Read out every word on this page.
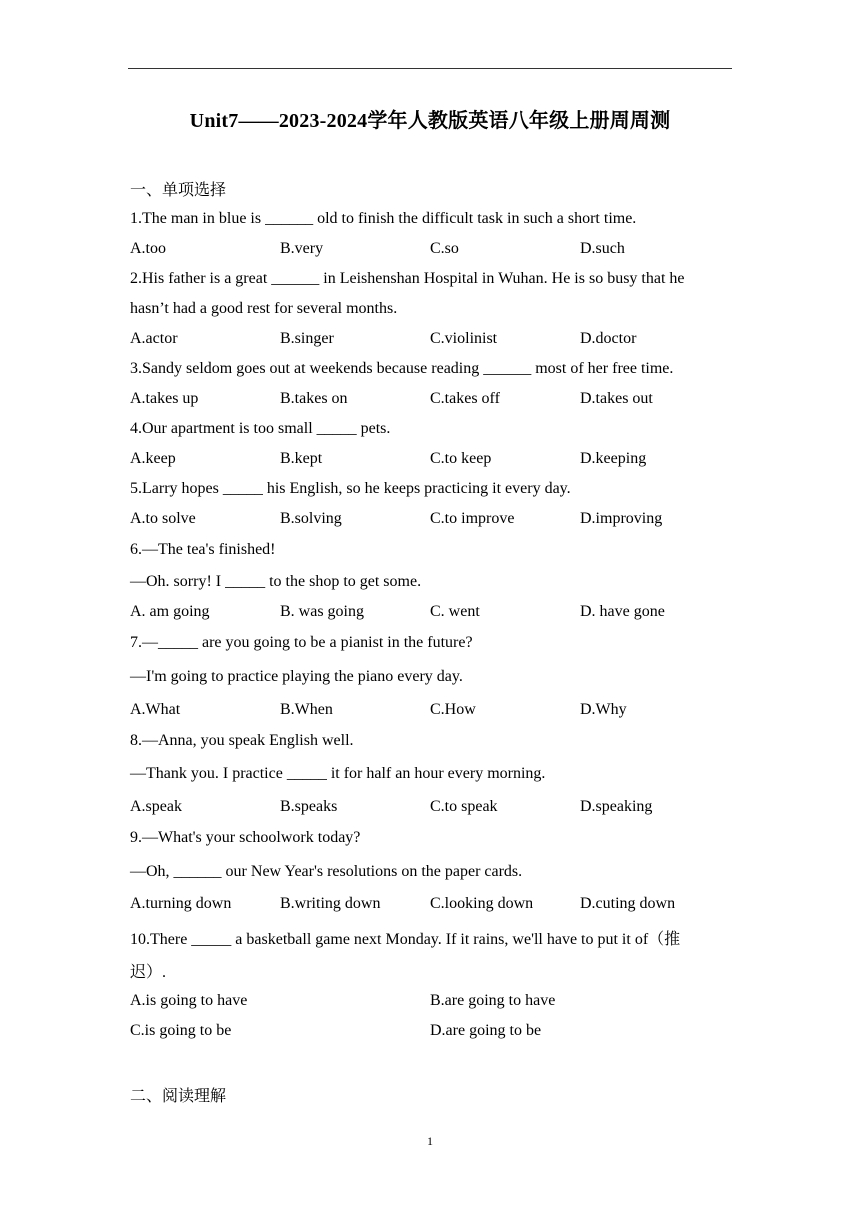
Unit7——2023-2024学年人教版英语八年级上册周周测
一、单项选择
1.The man in blue is ______ old to finish the difficult task in such a short time.
A.too	B.very	C.so	D.such
2.His father is a great ______ in Leishenshan Hospital in Wuhan. He is so busy that he
hasn’t had a good rest for several months.
A.actor	B.singer	C.violinist	D.doctor
3.Sandy seldom goes out at weekends because reading ______ most of her free time.
A.takes up	B.takes on	C.takes off	D.takes out
4.Our apartment is too small _____ pets.
A.keep	B.kept	C.to keep	D.keeping
5.Larry hopes _____ his English, so he keeps practicing it every day.
A.to solve	B.solving	C.to improve	D.improving
6.—The tea's finished!
—Oh. sorry! I _____ to the shop to get some.
A. am going	B. was going	C. went	D. have gone
7.—_____ are you going to be a pianist in the future?
—I'm going to practice playing the piano every day.
A.What	B.When	C.How	D.Why
8.—Anna, you speak English well.
—Thank you. I practice _____ it for half an hour every morning.
A.speak	B.speaks	C.to speak	D.speaking
9.—What's your schoolwork today?
—Oh, ______ our New Year's resolutions on the paper cards.
A.turning down	B.writing down	C.looking down	D.cuting down
10.There _____ a basketball game next Monday. If it rains, we'll have to put it of（推
迟）.
A.is going to have	B.are going to have
C.is going to be	D.are going to be
二、阅读理解
1
